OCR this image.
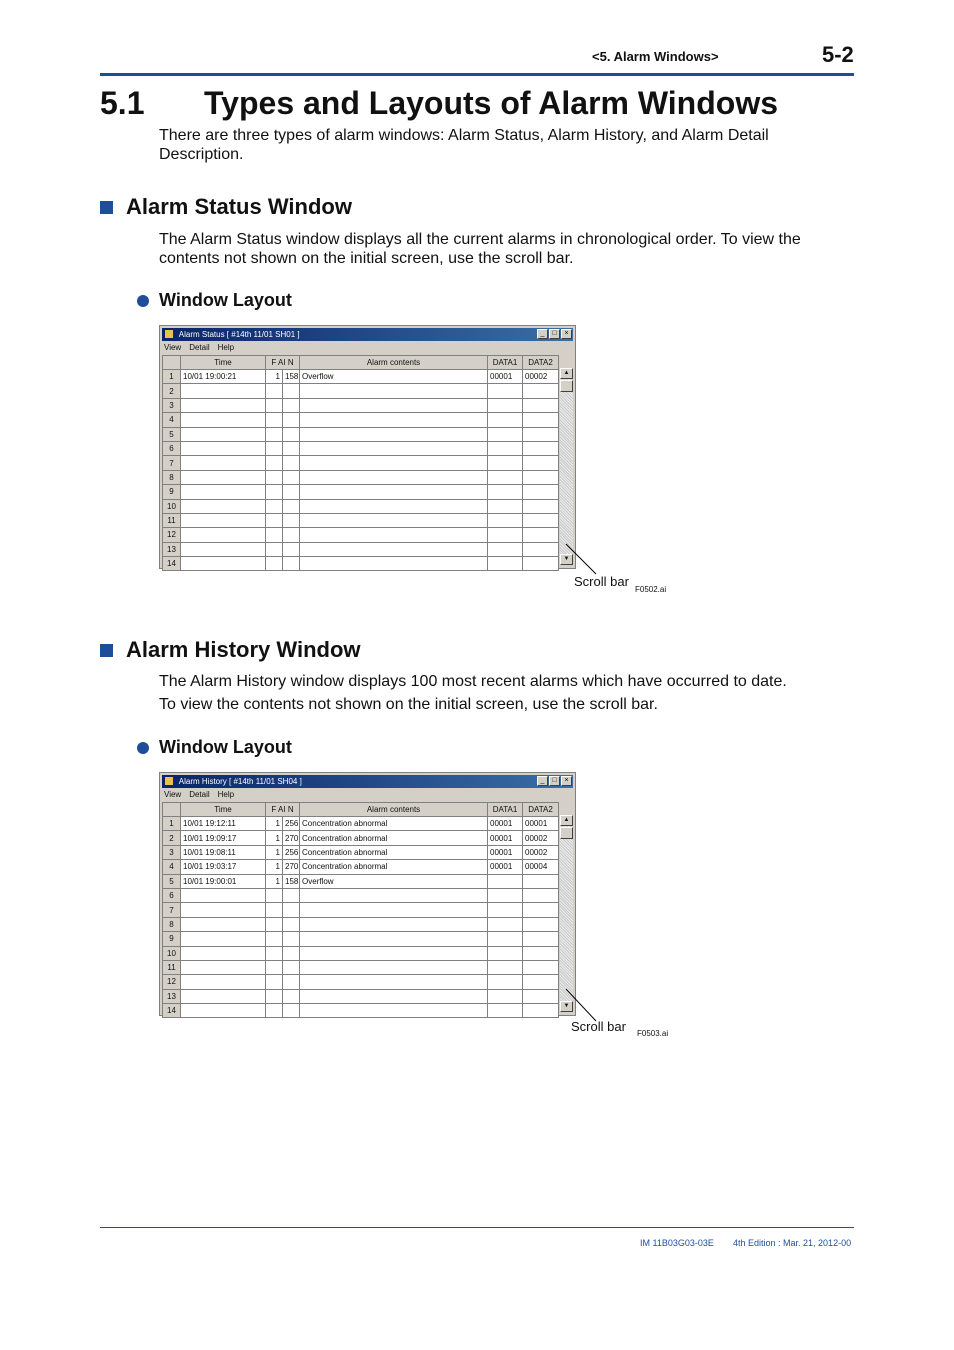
<5. Alarm Windows>	5-2
5.1 Types and Layouts of Alarm Windows

There are three types of alarm windows: Alarm Status, Alarm History, and Alarm Detail Description.

Alarm Status Window

The Alarm Status window displays all the current alarms in chronological order. To view the contents not shown on the initial screen, use the scroll bar.

Window Layout
Alarm Status [ #14th 11/01 SH01 ]	_	□	×
View Detail Help
	Time	F AI N		Alarm contents	DATA1	DATA2
1	10/01 19:00:21	1	158	Overflow	00001	00002
2						
3						
4						
5						
6						
7						
8						
9						
10						
11						
12						
13						
14						
▲
▼
Scroll bar
F0502.ai
Alarm History Window

The Alarm History window displays 100 most recent alarms which have occurred to date.

To view the contents not shown on the initial screen, use the scroll bar.

Window Layout
Alarm History [ #14th 11/01 SH04 ]	_	□	×
View Detail Help
	Time	F AI N		Alarm contents	DATA1	DATA2
1	10/01 19:12:11	1	256	Concentration abnormal	00001	00001
2	10/01 19:09:17	1	270	Concentration abnormal	00001	00002
3	10/01 19:08:11	1	256	Concentration abnormal	00001	00002
4	10/01 19:03:17	1	270	Concentration abnormal	00001	00004
5	10/01 19:00:01	1	158	Overflow		
6						
7						
8						
9						
10						
11						
12						
13						
14						
▲
▼
Scroll bar F0503.ai
IM 11B03G03-03E 4th Edition : Mar. 21, 2012-00
